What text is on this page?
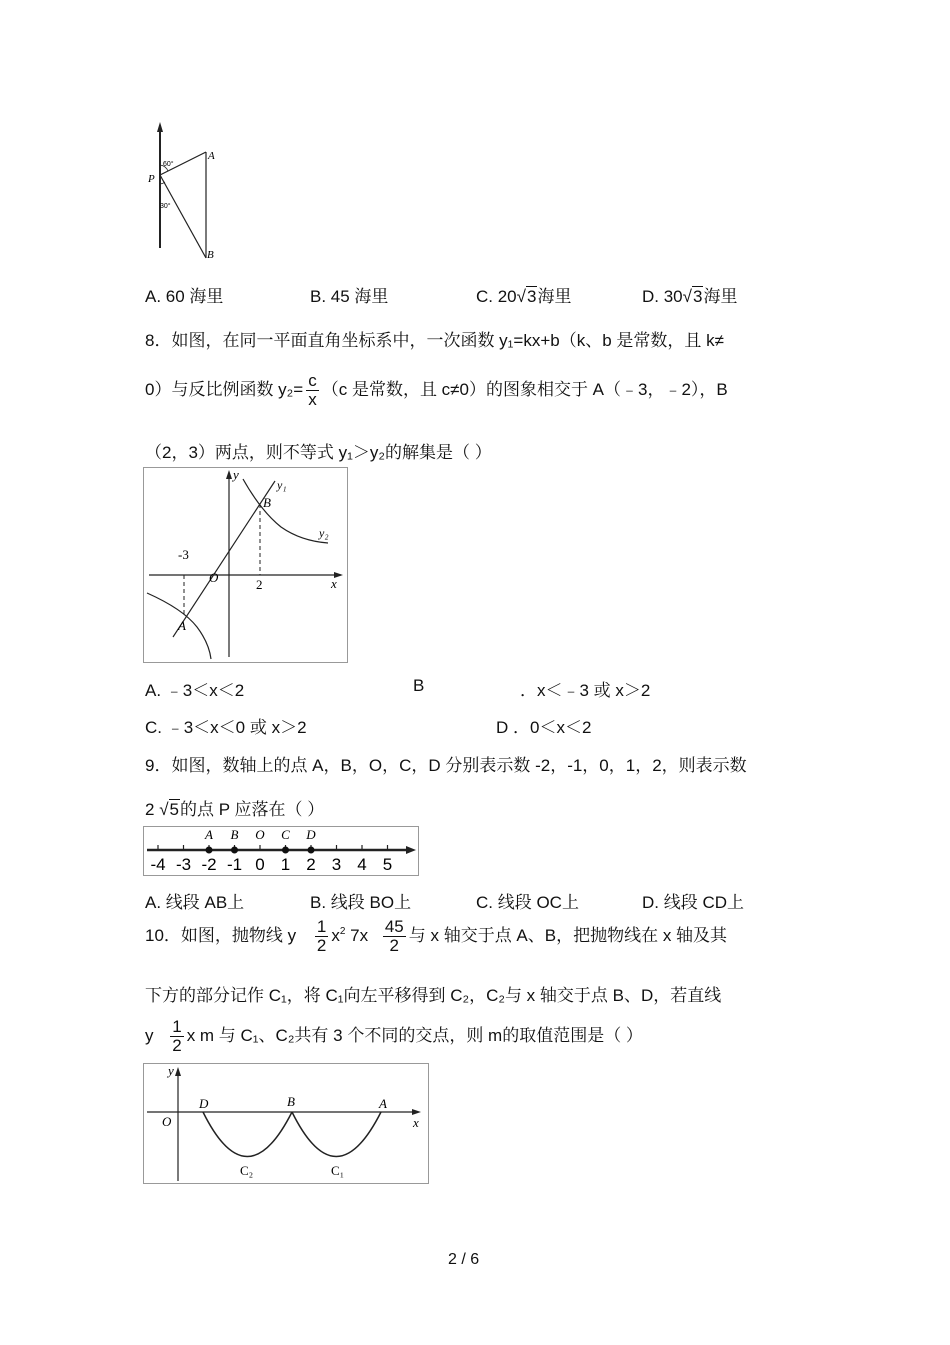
A
B
P
60°
30°
A. 60 海里	B. 45 海里	C. 20√3海里	D. 30√3海里
8．如图，在同一平面直角坐标系中，一次函数 y₁=kx+b（k、b 是常数，且 k≠
0）与反比例函数 $y_2= \frac{c}{x} (c$ 是常数，且 c≠0）的图象相交于 A（﹣3，﹣2），B
（2，3）两点，则不等式 y₁＞y₂的解集是（ ）
y
x
O
y₁
y₂
B
A
-3
2
A. ﹣3＜x＜2	B	．x＜﹣3 或 x＞2
C. ﹣3＜x＜0 或 x＞2	D ．0＜x＜2
9．如图，数轴上的点 A，B，O，C，D 分别表示数 -2，-1，0，1，2，则表示数
2 √5的点 P 应落在（ ）
-4 -3 -2 -1 0 1 2 3 4 5
A B O C D
A. 线段 AB上	B. 线段 BO上	C. 线段 OC上	D. 线段 CD上
10．如图，抛物线 y $\frac{1}{2} x^2$ $7x \frac{45}{2}$ 与 x 轴交于点 A、B，把抛物线在 x 轴及其
下方的部分记作 C₁，将 C₁向左平移得到 C₂，C₂与 x 轴交于点 B、D，若直线
y $\frac{1}{2}$ x m 与 C₁、C₂共有 3 个不同的交点，则 m的取值范围是（ ）
y
x
O
D	B	A
C₂	C₁
2 / 6
